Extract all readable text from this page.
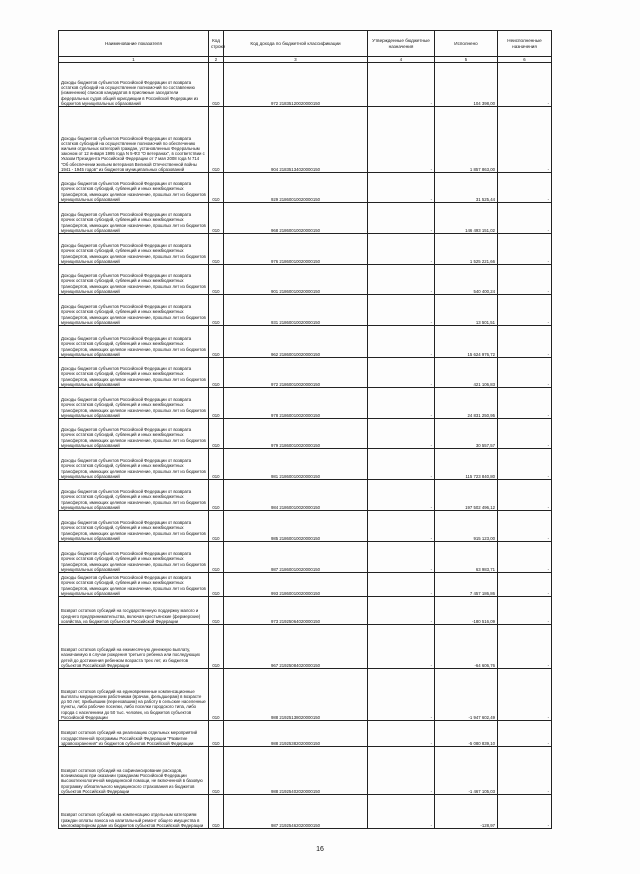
Наименование показателя	Код строки	Код дохода по бюджетной классификации	Утвержденные бюджетные назначения	Исполнено	Неисполненные назначения
1	2	3	4	5	6
Доходы бюджетов субъектов Российской Федерации от возврата остатков субсидий на осуществление полномочий по составлению (изменению) списков кандидатов в присяжные заседатели федеральных судов общей юрисдикции в Российской Федерации из бюджетов муниципальных образований	010	972 21835120020000150	-	104 398,00	-
Доходы бюджетов субъектов Российской Федерации от возврата остатков субсидий на осуществление полномочий по обеспечению жильем отдельных категорий граждан, установленных Федеральным законом от 12 января 1995 года N 5-ФЗ "О ветеранах", в соответствии с Указом Президента Российской Федерации от 7 мая 2008 года N 714 "Об обеспечении жильем ветеранов Великой Отечественной войны 1941 - 1945 годов" из бюджетов муниципальных образований	010	904 21835134020000150	-	1 857 863,00	-
Доходы бюджетов субъектов Российской Федерации от возврата прочих остатков субсидий, субвенций и иных межбюджетных трансфертов, имеющих целевое назначение, прошлых лет из бюджетов муниципальных образований	010	929 21860010020000150	-	31 525,44	-
Доходы бюджетов субъектов Российской Федерации от возврата прочих остатков субсидий, субвенций и иных межбюджетных трансфертов, имеющих целевое назначение, прошлых лет из бюджетов муниципальных образований	010	968 21860010020000150	-	146 493 151,02	-
Доходы бюджетов субъектов Российской Федерации от возврата прочих остатков субсидий, субвенций и иных межбюджетных трансфертов, имеющих целевое назначение, прошлых лет из бюджетов муниципальных образований	010	976 21860010020000150	-	1 525 221,66	-
Доходы бюджетов субъектов Российской Федерации от возврата прочих остатков субсидий, субвенций и иных межбюджетных трансфертов, имеющих целевое назначение, прошлых лет из бюджетов муниципальных образований	010	901 21860010020000150	-	540 400,24	-
Доходы бюджетов субъектов Российской Федерации от возврата прочих остатков субсидий, субвенций и иных межбюджетных трансфертов, имеющих целевое назначение, прошлых лет из бюджетов муниципальных образований	010	931 21860010020000150	-	13 501,51	-
Доходы бюджетов субъектов Российской Федерации от возврата прочих остатков субсидий, субвенций и иных межбюджетных трансфертов, имеющих целевое назначение, прошлых лет из бюджетов муниципальных образований	010	962 21860010020000150	-	15 624 976,72	-
Доходы бюджетов субъектов Российской Федерации от возврата прочих остатков субсидий, субвенций и иных межбюджетных трансфертов, имеющих целевое назначение, прошлых лет из бюджетов муниципальных образований	010	972 21860010020000150	-	421 106,83	-
Доходы бюджетов субъектов Российской Федерации от возврата прочих остатков субсидий, субвенций и иных межбюджетных трансфертов, имеющих целевое назначение, прошлых лет из бюджетов муниципальных образований	010	978 21860010020000150	-	24 831 250,95	-
Доходы бюджетов субъектов Российской Федерации от возврата прочих остатков субсидий, субвенций и иных межбюджетных трансфертов, имеющих целевое назначение, прошлых лет из бюджетов муниципальных образований	010	979 21860010020000150	-	30 557,57	-
Доходы бюджетов субъектов Российской Федерации от возврата прочих остатков субсидий, субвенций и иных межбюджетных трансфертов, имеющих целевое назначение, прошлых лет из бюджетов муниципальных образований	010	981 21860010020000150	-	115 723 840,80	-
Доходы бюджетов субъектов Российской Федерации от возврата прочих остатков субсидий, субвенций и иных межбюджетных трансфертов, имеющих целевое назначение, прошлых лет из бюджетов муниципальных образований	010	984 21860010020000150	-	197 502 496,12	-
Доходы бюджетов субъектов Российской Федерации от возврата прочих остатков субсидий, субвенций и иных межбюджетных трансфертов, имеющих целевое назначение, прошлых лет из бюджетов муниципальных образований	010	985 21860010020000150	-	915 123,00	-
Доходы бюджетов субъектов Российской Федерации от возврата прочих остатков субсидий, субвенций и иных межбюджетных трансфертов, имеющих целевое назначение, прошлых лет из бюджетов муниципальных образований	010	987 21860010020000150	-	63 983,71	-
Доходы бюджетов субъектов Российской Федерации от возврата прочих остатков субсидий, субвенций и иных межбюджетных трансфертов, имеющих целевое назначение, прошлых лет из бюджетов муниципальных образований	010	993 21860010020000150	-	7 457 186,86	-
Возврат остатков субсидий на государственную поддержку малого и среднего предпринимательства, включая крестьянские (фермерские) хозяйства, из бюджетов субъектов Российской Федерации	010	973 21925064020000150	-	-180 516,09	-
Возврат остатков субсидий на ежемесячную денежную выплату, назначаемую в случае рождения третьего ребенка или последующих детей до достижения ребенком возраста трех лет, из бюджетов субъектов Российской Федерации	010	967 21925084020000150	-	-64 606,76	-
Возврат остатков субсидий на единовременные компенсационные выплаты медицинским работникам (врачам, фельдшерам) в возрасте до 50 лет, прибывшим (переехавшим) на работу в сельские населенные пункты, либо рабочие поселки, либо поселки городского типа, либо города с населением до 50 тыс. человек, из бюджетов субъектов Российской Федерации	010	988 21925138020000150	-	-1 947 602,49	-
Возврат остатков субсидий на реализацию отдельных мероприятий государственной программы Российской Федерации "Развитие здравоохранения" из бюджетов субъектов Российской Федерации	010	988 21925382020000150	-	-5 080 839,10	-
Возврат остатков субсидий на софинансирование расходов, возникающих при оказании гражданам Российской Федерации высокотехнологичной медицинской помощи, не включенной в базовую программу обязательного медицинского страхования из бюджетов субъектов Российской Федерации	010	988 21925402020000150	-	-1 467 105,03	-
Возврат остатков субсидий на компенсацию отдельным категориям граждан оплаты взноса на капитальный ремонт общего имущества в многоквартирном доме из бюджетов субъектов Российской Федерации	010	987 21925462020000150	-	-128,97	-
16
